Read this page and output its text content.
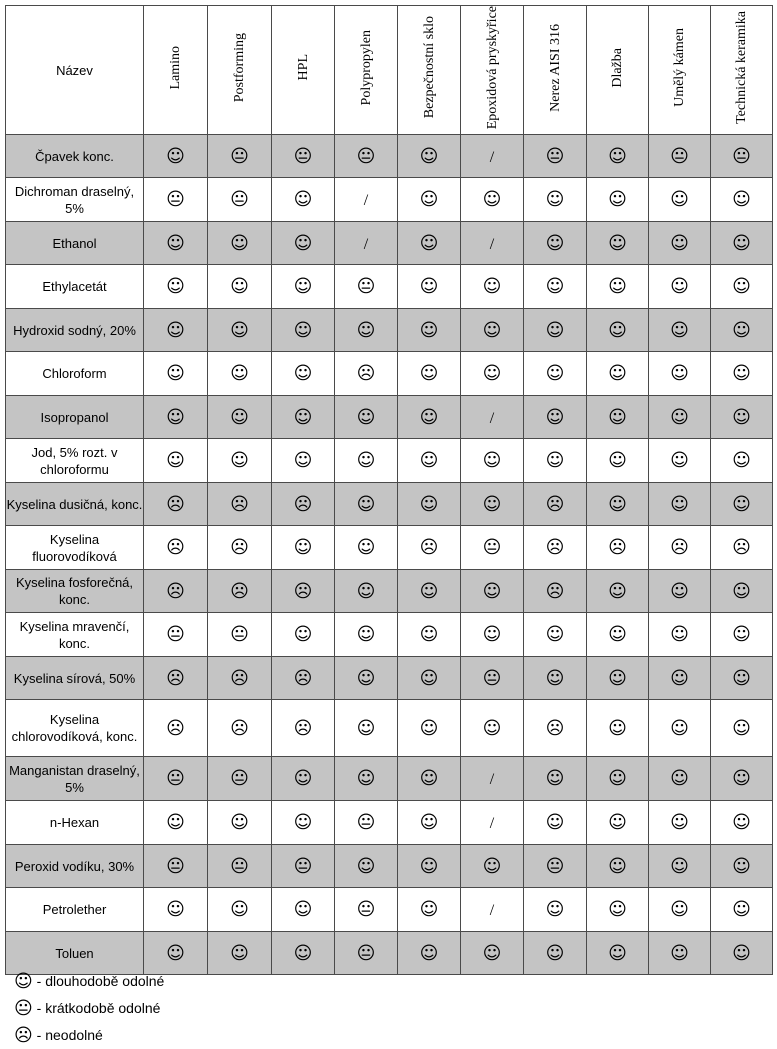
Název	Lamino	Postforming	HPL	Polypropylen	Bezpečnostní sklo	Epoxidová pryskyřice	Nerez AISI 316	Dlažba	Umělý kámen	Technická keramika
Čpavek konc.	☺	😐	😐	😐	☺	/	😐	☺	😐	😐
Dichroman draselný, 5%	😐	😐	☺	/	☺	☺	☺	☺	☺	☺
Ethanol	☺	☺	☺	/	☺	/	☺	☺	☺	☺
Ethylacetát	☺	☺	☺	😐	☺	☺	☺	☺	☺	☺
Hydroxid sodný, 20%	☺	☺	☺	☺	☺	☺	☺	☺	☺	☺
Chloroform	☺	☺	☺	☹	☺	☺	☺	☺	☺	☺
Isopropanol	☺	☺	☺	☺	☺	/	☺	☺	☺	☺
Jod, 5% rozt. v chloroformu	☺	☺	☺	☺	☺	☺	☺	☺	☺	☺
Kyselina dusičná, konc.	☹	☹	☹	☺	☺	☺	☹	☺	☺	☺
Kyselina fluorovodíková	☹	☹	☺	☺	☹	😐	☹	☹	☹	☹
Kyselina fosforečná, konc.	☹	☹	☹	☺	☺	☺	☹	☺	☺	☺
Kyselina mravenčí, konc.	😐	😐	☺	☺	☺	☺	☺	☺	☺	☺
Kyselina sírová, 50%	☹	☹	☹	☺	☺	😐	☺	☺	☺	☺
Kyselina chlorovodíková, konc.	☹	☹	☹	☺	☺	☺	☹	☺	☺	☺
Manganistan draselný, 5%	😐	😐	☺	☺	☺	/	☺	☺	☺	☺
n-Hexan	☺	☺	☺	😐	☺	/	☺	☺	☺	☺
Peroxid vodíku, 30%	😐	😐	😐	☺	☺	☺	😐	☺	☺	☺
Petrolether	☺	☺	☺	😐	☺	/	☺	☺	☺	☺
Toluen	☺	☺	☺	😐	☺	☺	☺	☺	☺	☺
☺ - dlouhodobě odolné
😐 - krátkodobě odolné
☹ - neodolné
